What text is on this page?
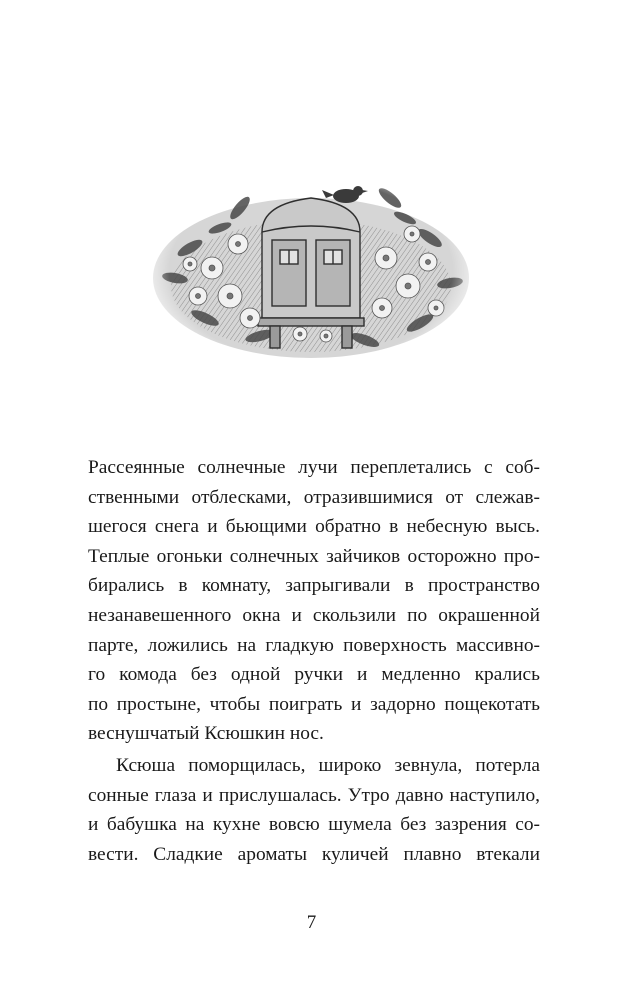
Рассеянные солнечные лучи переплетались с соб-
ственными отблесками, отразившимися от слежав-
шегося снега и бьющими обратно в небесную высь.
Теплые огоньки солнечных зайчиков осторожно про-
бирались в комнату, запрыгивали в пространство
незанавешенного окна и скользили по окрашенной
парте, ложились на гладкую поверхность массивно-
го комода без одной ручки и медленно крались
по простыне, чтобы поиграть и задорно пощекотать
веснушчатый Ксюшкин нос.

Ксюша поморщилась, широко зевнула, потерла
сонные глаза и прислушалась. Утро давно наступило,
и бабушка на кухне вовсю шумела без зазрения со-
вести. Сладкие ароматы куличей плавно втекали

7
